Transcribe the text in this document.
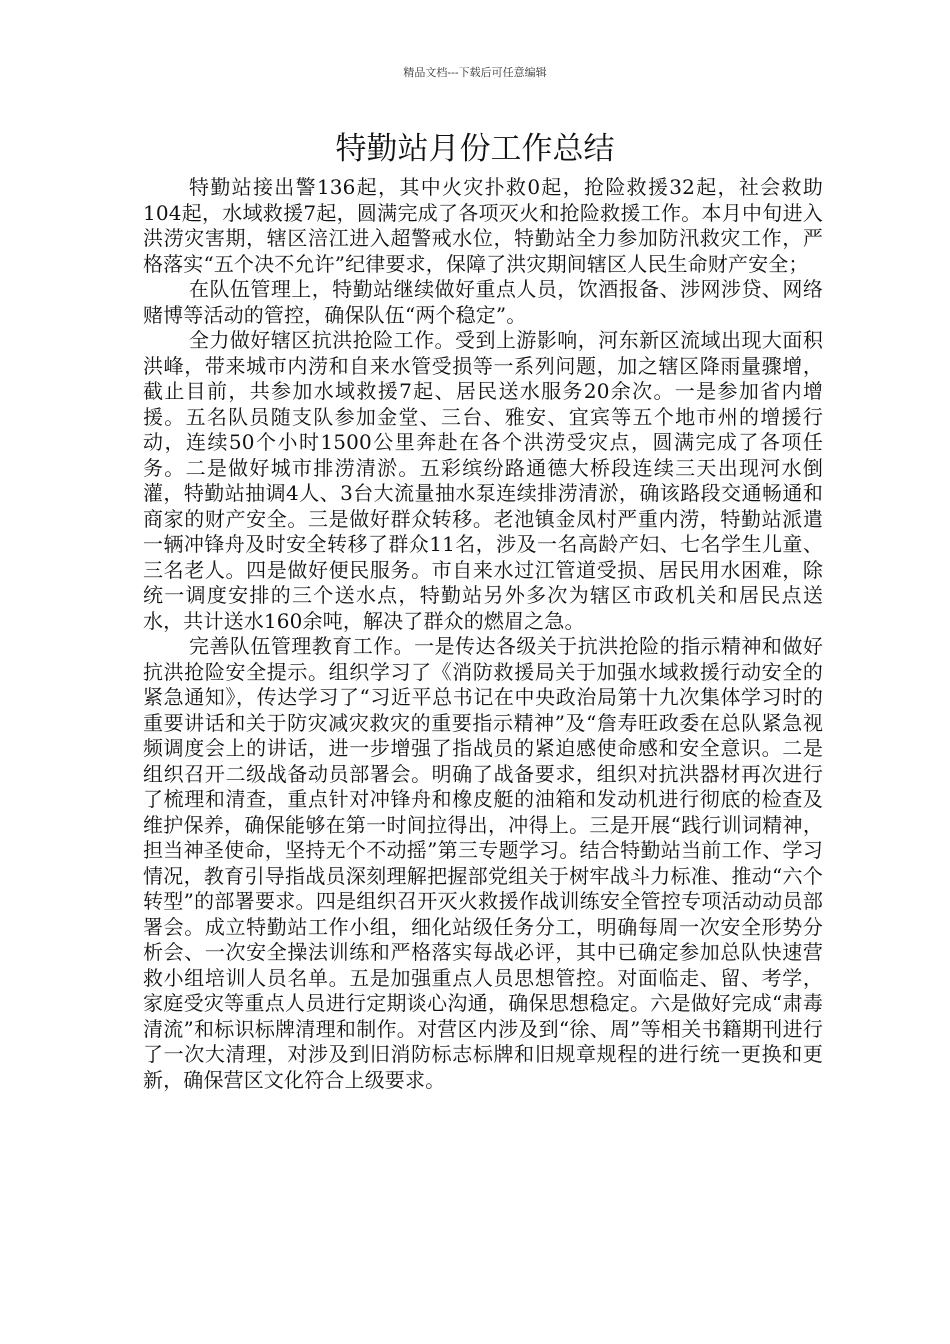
精品文档---下载后可任意编辑
特勤站月份工作总结

特勤站接出警136起，其中火灾扑救0起，抢险救援32起，社会救助104起，水域救援7起，圆满完成了各项灭火和抢险救援工作。本月中旬进入洪涝灾害期，辖区涪江进入超警戒水位，特勤站全力参加防汛救灾工作，严格落实“五个决不允许”纪律要求，保障了洪灾期间辖区人民生命财产安全；

在队伍管理上，特勤站继续做好重点人员，饮酒报备、涉网涉贷、网络赌博等活动的管控，确保队伍“两个稳定”。

全力做好辖区抗洪抢险工作。受到上游影响，河东新区流域出现大面积洪峰，带来城市内涝和自来水管受损等一系列问题，加之辖区降雨量骤增，截止目前，共参加水域救援7起、居民送水服务20余次。一是参加省内增援。五名队员随支队参加金堂、三台、雅安、宜宾等五个地市州的增援行动，连续50个小时1500公里奔赴在各个洪涝受灾点，圆满完成了各项任务。二是做好城市排涝清淤。五彩缤纷路通德大桥段连续三天出现河水倒灌，特勤站抽调4人、3台大流量抽水泵连续排涝清淤，确该路段交通畅通和商家的财产安全。三是做好群众转移。老池镇金凤村严重内涝，特勤站派遣一辆冲锋舟及时安全转移了群众11名，涉及一名高龄产妇、七名学生儿童、三名老人。四是做好便民服务。市自来水过江管道受损、居民用水困难，除统一调度安排的三个送水点，特勤站另外多次为辖区市政机关和居民点送水，共计送水160余吨，解决了群众的燃眉之急。

完善队伍管理教育工作。一是传达各级关于抗洪抢险的指示精神和做好抗洪抢险安全提示。组织学习了《消防救援局关于加强水域救援行动安全的紧急通知》，传达学习了“习近平总书记在中央政治局第十九次集体学习时的重要讲话和关于防灾减灾救灾的重要指示精神”及“詹寿旺政委在总队紧急视频调度会上的讲话，进一步增强了指战员的紧迫感使命感和安全意识。二是组织召开二级战备动员部署会。明确了战备要求，组织对抗洪器材再次进行了梳理和清查，重点针对冲锋舟和橡皮艇的油箱和发动机进行彻底的检查及维护保养，确保能够在第一时间拉得出，冲得上。三是开展“践行训词精神，担当神圣使命，坚持无个不动摇”第三专题学习。结合特勤站当前工作、学习情况，教育引导指战员深刻理解把握部党组关于树牢战斗力标准、推动“六个转型”的部署要求。四是组织召开灭火救援作战训练安全管控专项活动动员部署会。成立特勤站工作小组，细化站级任务分工，明确每周一次安全形势分析会、一次安全操法训练和严格落实每战必评，其中已确定参加总队快速营救小组培训人员名单。五是加强重点人员思想管控。对面临走、留、考学，家庭受灾等重点人员进行定期谈心沟通，确保思想稳定。六是做好完成“肃毒清流”和标识标牌清理和制作。对营区内涉及到“徐、周”等相关书籍期刊进行了一次大清理，对涉及到旧消防标志标牌和旧规章规程的进行统一更换和更新，确保营区文化符合上级要求。
